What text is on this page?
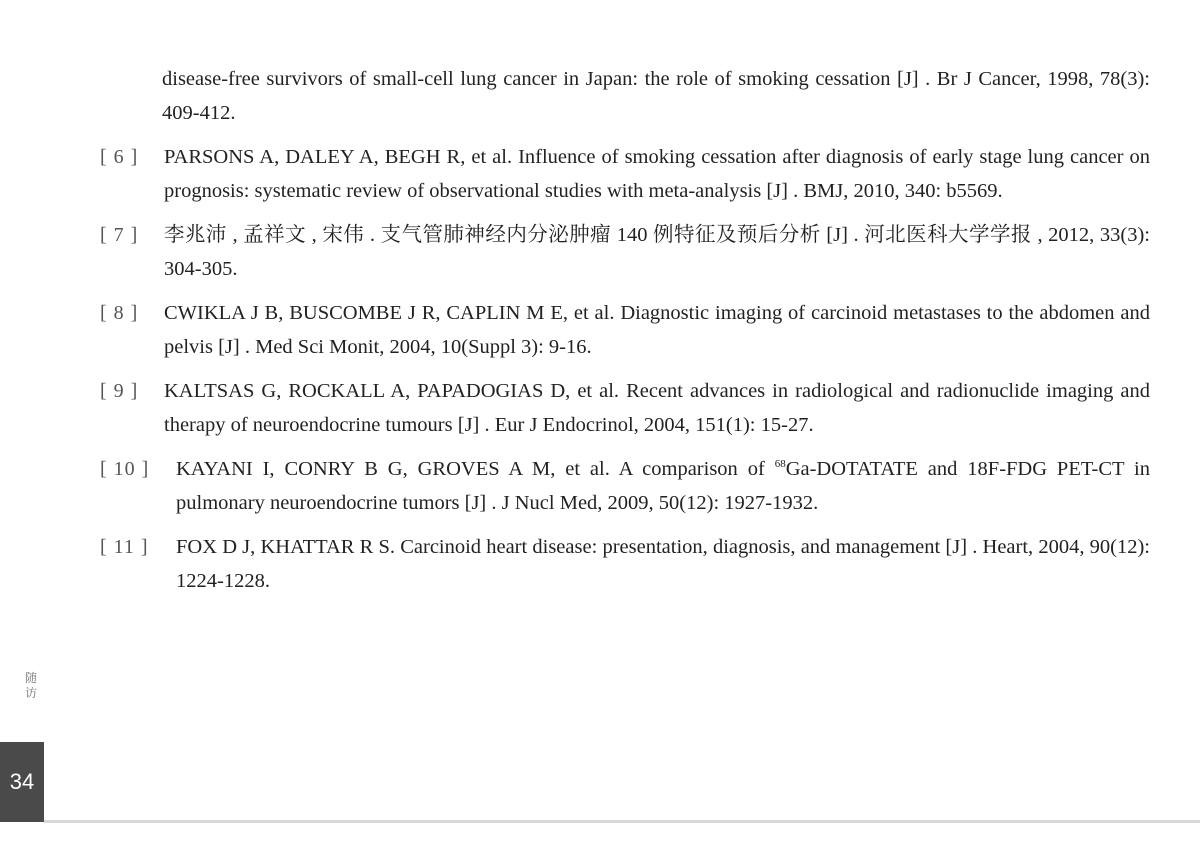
disease-free survivors of small-cell lung cancer in Japan: the role of smoking cessation [J] . Br J Cancer, 1998, 78(3): 409-412.
[ 6 ]	PARSONS A, DALEY A, BEGH R, et al. Influence of smoking cessation after diagnosis of early stage lung cancer on prognosis: systematic review of observational studies with meta-analysis [J] . BMJ, 2010, 340: b5569.
[ 7 ]	李兆沛 , 孟祥文 , 宋伟 . 支气管肺神经内分泌肿瘤 140 例特征及预后分析 [J] . 河北医科大学学报 , 2012, 33(3): 304-305.
[ 8 ]	CWIKLA J B, BUSCOMBE J R, CAPLIN M E, et al. Diagnostic imaging of carcinoid metastases to the abdomen and pelvis [J] . Med Sci Monit, 2004, 10(Suppl 3): 9-16.
[ 9 ]	KALTSAS G, ROCKALL A, PAPADOGIAS D, et al. Recent advances in radiological and radionuclide imaging and therapy of neuroendocrine tumours [J] . Eur J Endocrinol, 2004, 151(1): 15-27.
[ 10 ]	KAYANI I, CONRY B G, GROVES A M, et al. A comparison of $^{68}$Ga-DOTATATE and 18F-FDG PET-CT in pulmonary neuroendocrine tumors [J] . J Nucl Med, 2009, 50(12): 1927-1932.
[ 11 ]	FOX D J, KHATTAR R S. Carcinoid heart disease: presentation, diagnosis, and management [J] . Heart, 2004, 90(12): 1224-1228.
随访
34
